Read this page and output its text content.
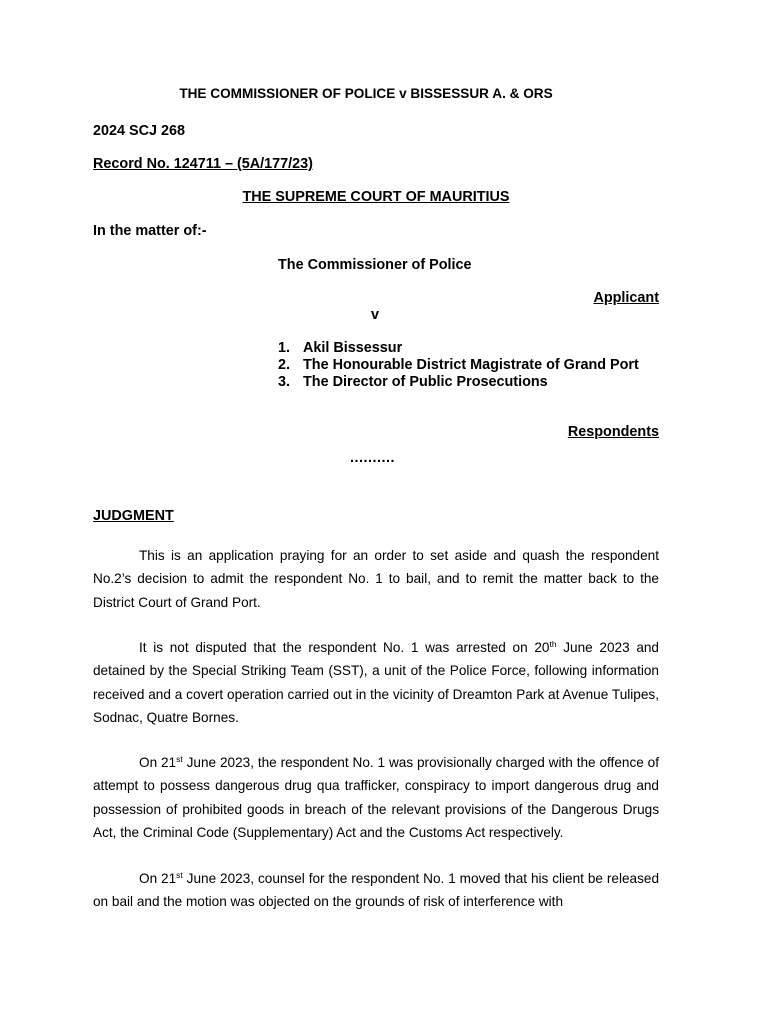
THE COMMISSIONER OF POLICE v BISSESSUR A. & ORS
2024 SCJ 268
Record No. 124711 – (5A/177/23)
THE SUPREME COURT OF MAURITIUS
In the matter of:-
The Commissioner of Police
Applicant
v
1. Akil Bissessur
2. The Honourable District Magistrate of Grand Port
3. The Director of Public Prosecutions
Respondents
..........
JUDGMENT

This is an application praying for an order to set aside and quash the respondent No.2’s decision to admit the respondent No. 1 to bail, and to remit the matter back to the District Court of Grand Port.

It is not disputed that the respondent No. 1 was arrested on 20th June 2023 and detained by the Special Striking Team (SST), a unit of the Police Force, following information received and a covert operation carried out in the vicinity of Dreamton Park at Avenue Tulipes, Sodnac, Quatre Bornes.

On 21st June 2023, the respondent No. 1 was provisionally charged with the offence of attempt to possess dangerous drug qua trafficker, conspiracy to import dangerous drug and possession of prohibited goods in breach of the relevant provisions of the Dangerous Drugs Act, the Criminal Code (Supplementary) Act and the Customs Act respectively.

On 21st June 2023, counsel for the respondent No. 1 moved that his client be released on bail and the motion was objected on the grounds of risk of interference with
